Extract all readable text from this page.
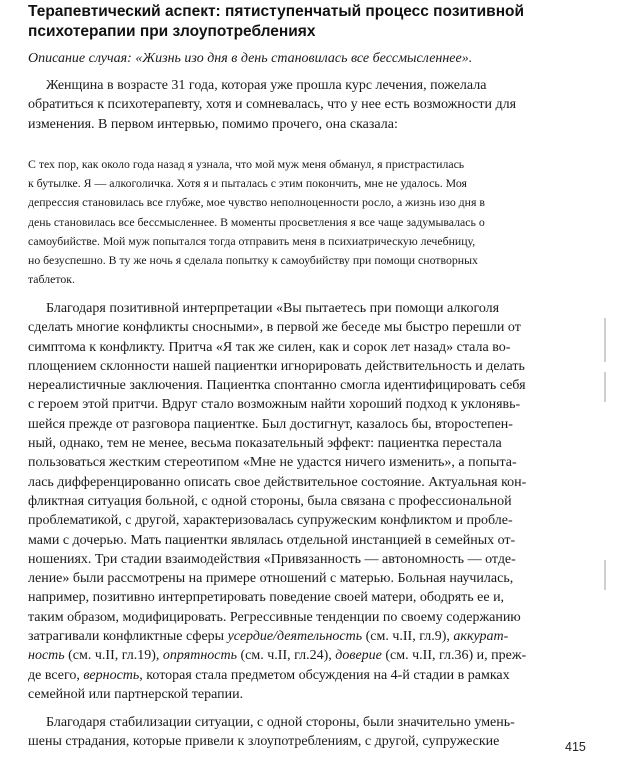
Терапевтический аспект: пятиступенчатый процесс позитивной
психотерапии при злоупотреблениях
Описание случая: «Жизнь изо дня в день становилась все бессмысленнее».
Женщина в возрасте 31 года, которая уже прошла курс лечения, пожелала
обратиться к психотерапевту, хотя и сомневалась, что у нее есть возможности для
изменения. В первом интервью, помимо прочего, она сказала:
С тех пор, как около года назад я узнала, что мой муж меня обманул, я пристрастилась
к бутылке. Я — алкоголичка. Хотя я и пыталась с этим покончить, мне не удалось. Моя
депрессия становилась все глубже, мое чувство неполноценности росло, а жизнь изо дня в
день становилась все бессмысленнее. В моменты просветления я все чаще задумывалась о
самоубийстве. Мой муж попытался тогда отправить меня в психиатрическую лечебницу,
но безуспешно. В ту же ночь я сделала попытку к самоубийству при помощи снотворных
таблеток.
Благодаря позитивной интерпретации «Вы пытаетесь при помощи алкоголя
сделать многие конфликты сносными», в первой же беседе мы быстро перешли от
симптома к конфликту. Притча «Я так же силен, как и сорок лет назад» стала во-
площением склонности нашей пациентки игнорировать действительность и делать
нереалистичные заключения. Пациентка спонтанно смогла идентифицировать себя
с героем этой притчи. Вдруг стало возможным найти хороший подход к уклонявь-
шейся прежде от разговора пациентке. Был достигнут, казалось бы, второстепен-
ный, однако, тем не менее, весьма показательный эффект: пациентка перестала
пользоваться жестким стереотипом «Мне не удастся ничего изменить», а попыта-
лась дифференцированно описать свое действительное состояние. Актуальная кон-
фликтная ситуация больной, с одной стороны, была связана с профессиональной
проблематикой, с другой, характеризовалась супружеским конфликтом и пробле-
мами с дочерью. Мать пациентки являлась отдельной инстанцией в семейных от-
ношениях. Три стадии взаимодействия «Привязанность — автономность — отде-
ление» были рассмотрены на примере отношений с матерью. Больная научилась,
например, позитивно интерпретировать поведение своей матери, ободрять ее и,
таким образом, модифицировать. Регрессивные тенденции по своему содержанию
затрагивали конфликтные сферы усердие/деятельность (см. ч.II, гл.9), аккурат-
ность (см. ч.II, гл.19), опрятность (см. ч.II, гл.24), доверие (см. ч.II, гл.36) и, преж-
де всего, верность, которая стала предметом обсуждения на 4-й стадии в рамках
семейной или партнерской терапии.
Благодаря стабилизации ситуации, с одной стороны, были значительно умень-
шены страдания, которые привели к злоупотреблениям, с другой, супружеские	415
